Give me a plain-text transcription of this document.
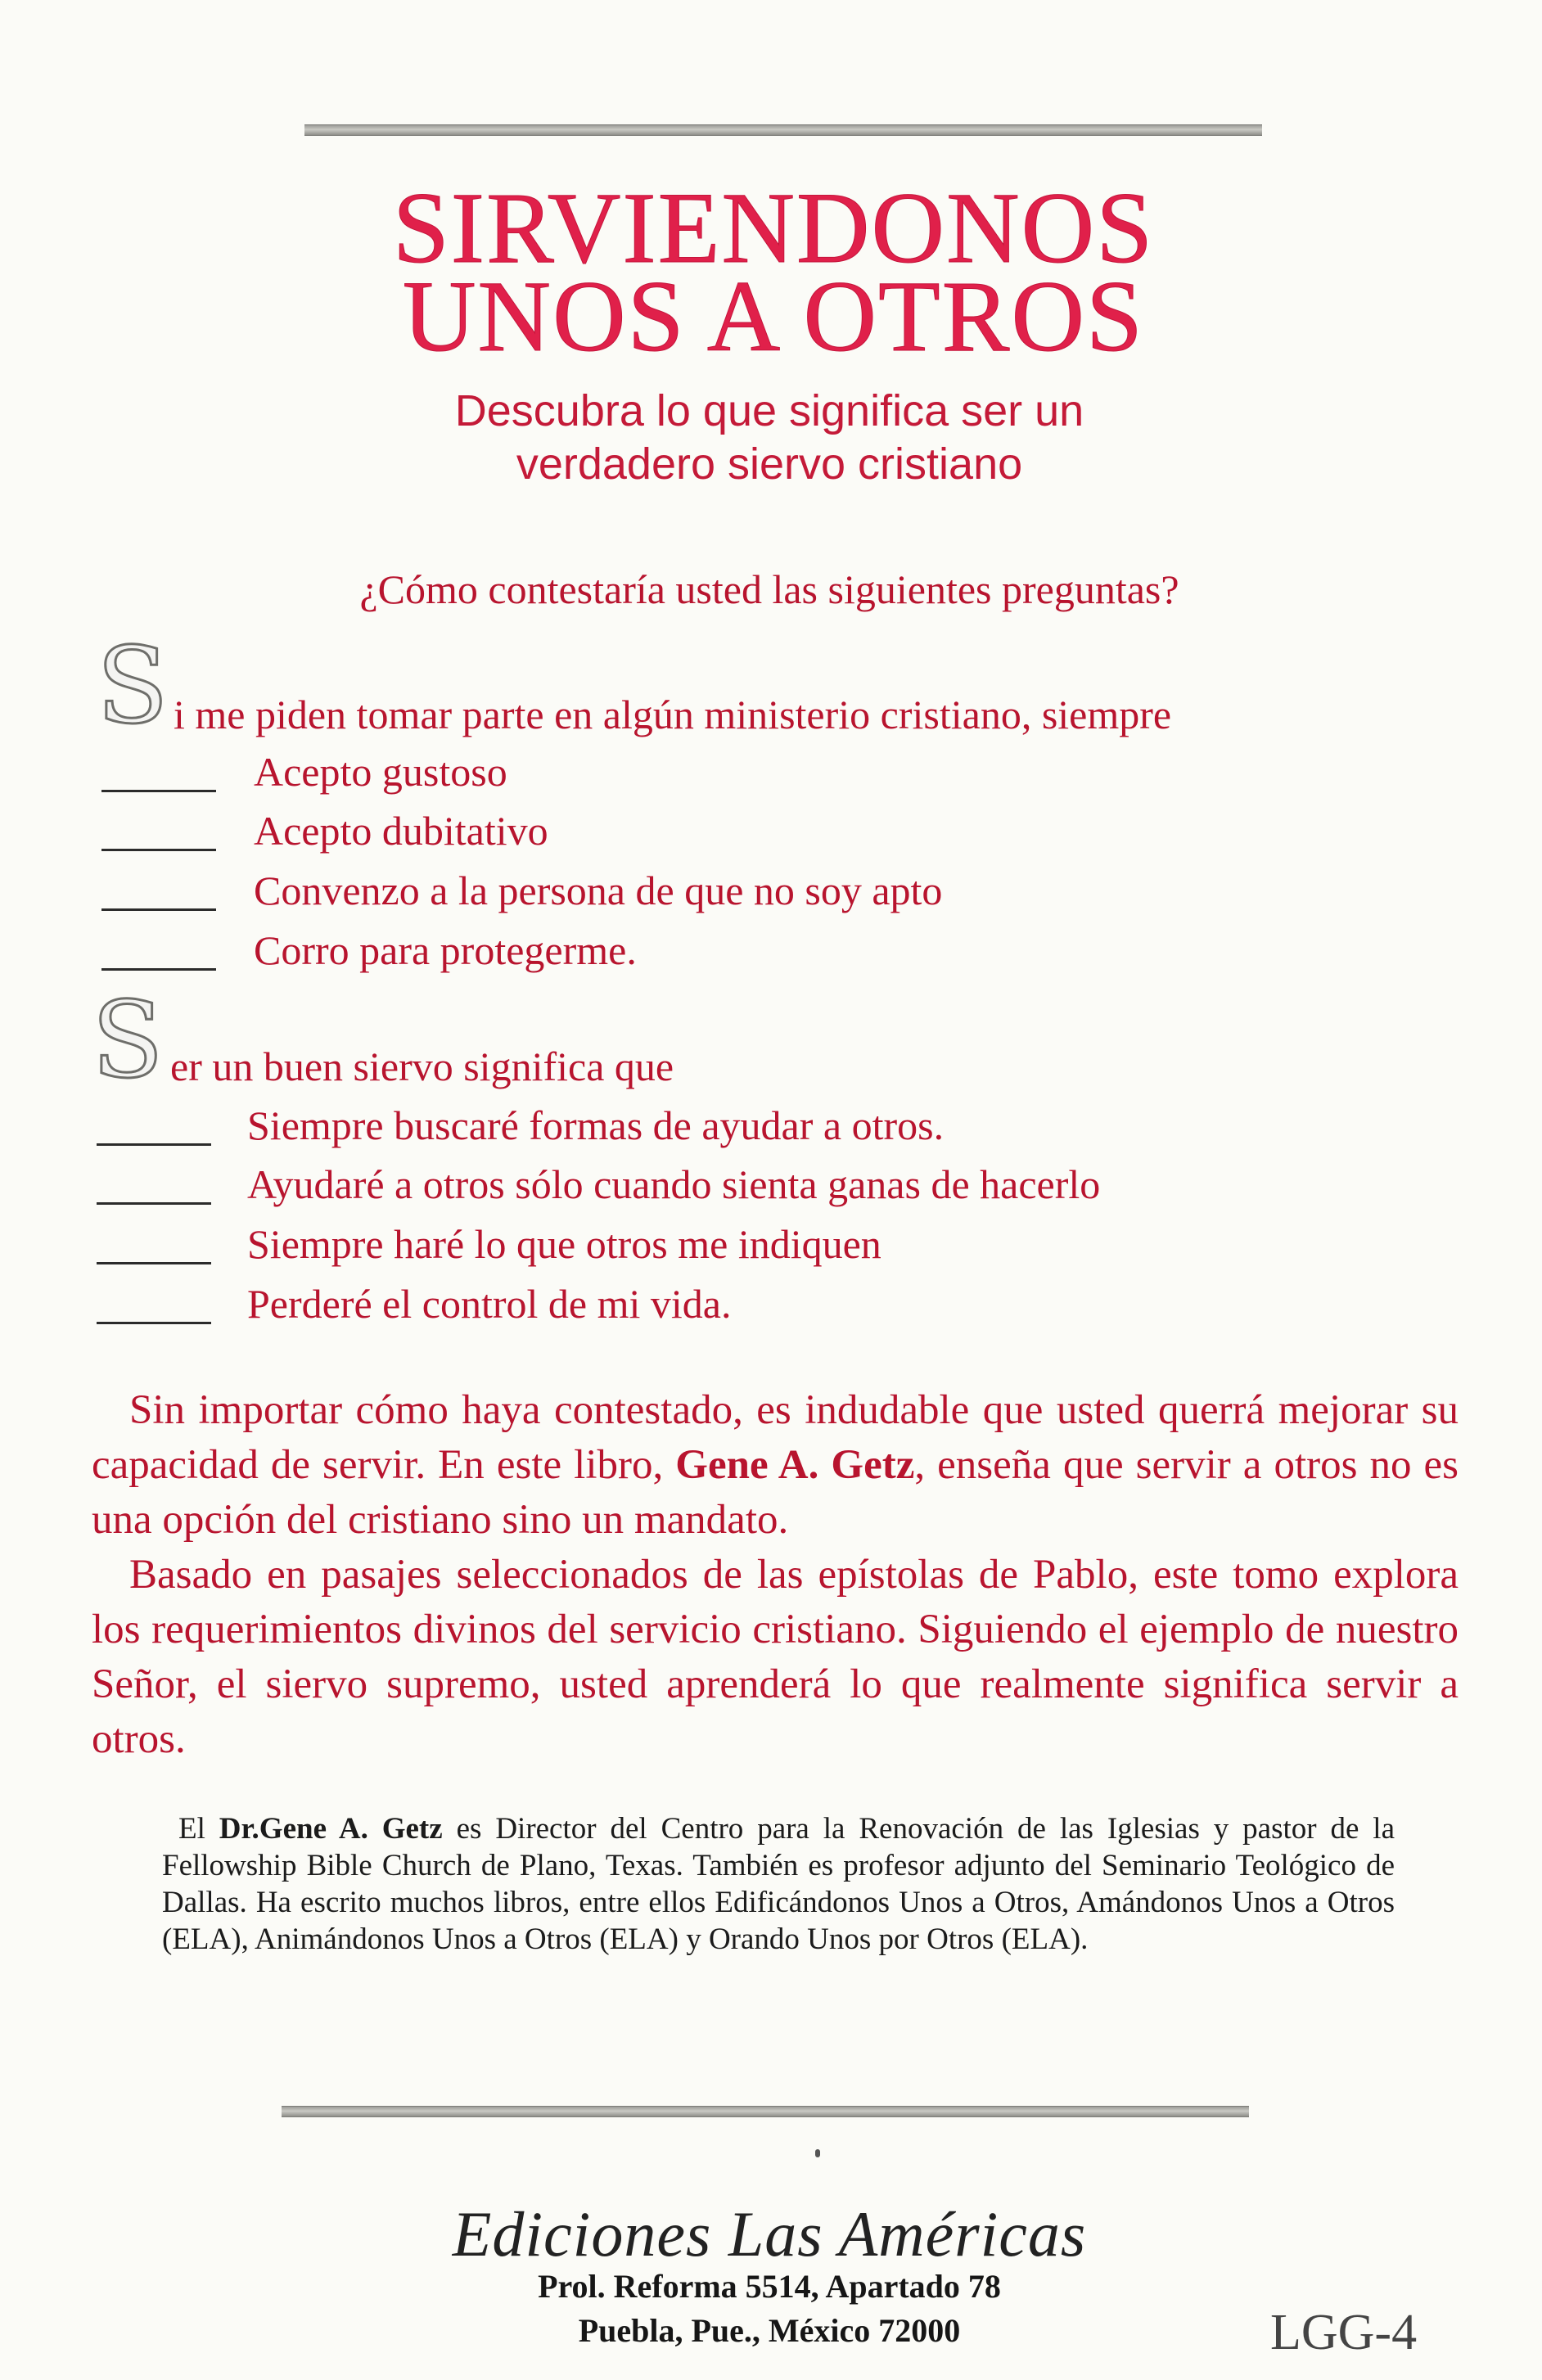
SIRVIENDONOS
UNOS A OTROS
Descubra lo que significa ser un
verdadero siervo cristiano
¿Cómo contestaría usted las siguientes preguntas?
S i me piden tomar parte en algún ministerio cristiano, siempre
Acepto gustoso
Acepto dubitativo
Convenzo a la persona de que no soy apto
Corro para protegerme.
S er un buen siervo significa que
Siempre buscaré formas de ayudar a otros.
Ayudaré a otros sólo cuando sienta ganas de hacerlo
Siempre haré lo que otros me indiquen
Perderé el control de mi vida.
Sin importar cómo haya contestado, es indudable que usted querrá mejorar su capacidad de servir. En este libro, Gene A. Getz, enseña que servir a otros no es una opción del cristiano sino un mandato.
Basado en pasajes seleccionados de las epístolas de Pablo, este tomo explora los requerimientos divinos del servicio cristiano. Siguiendo el ejemplo de nuestro Señor, el siervo supremo, usted aprenderá lo que realmente significa servir a otros.
El Dr.Gene A. Getz es Director del Centro para la Renovación de las Iglesias y pastor de la Fellowship Bible Church de Plano, Texas. También es profesor adjunto del Seminario Teológico de Dallas. Ha escrito muchos libros, entre ellos Edificándonos Unos a Otros, Amándonos Unos a Otros (ELA), Animándonos Unos a Otros (ELA) y Orando Unos por Otros (ELA).
Ediciones Las Américas
Prol. Reforma 5514, Apartado 78
Puebla, Pue., México 72000	LGG-4
